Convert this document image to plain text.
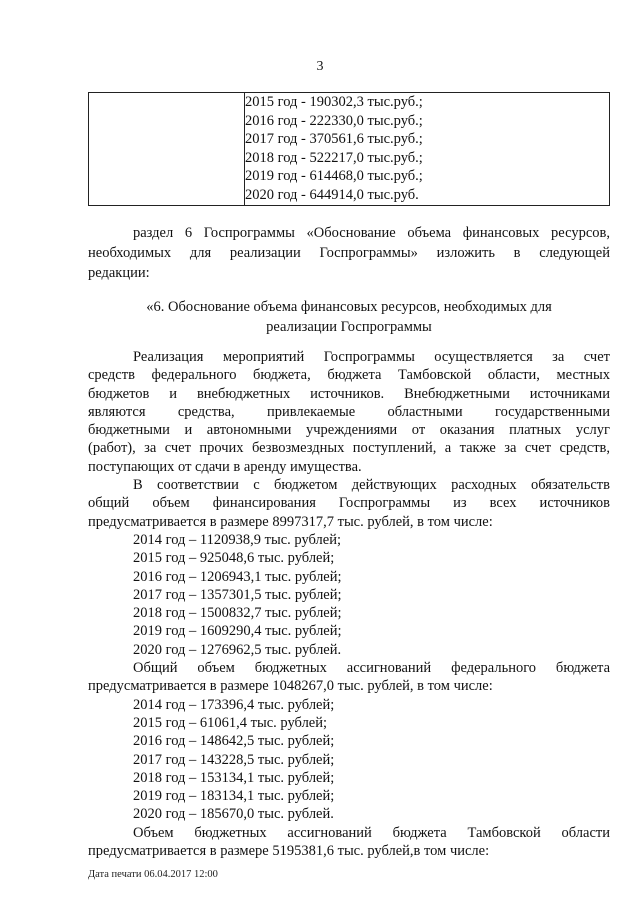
3

2015 год - 190302,3 тыс.руб.;
2016 год - 222330,0 тыс.руб.;
2017 год - 370561,6 тыс.руб.;
2018 год - 522217,0 тыс.руб.;
2019 год - 614468,0 тыс.руб.;
2020 год - 644914,0 тыс.руб.
раздел 6 Госпрограммы «Обоснование объема финансовых ресурсов,
необходимых для реализации Госпрограммы» изложить в следующей
редакции:
«6. Обоснование объема финансовых ресурсов, необходимых для
реализации Госпрограммы
Реализация мероприятий Госпрограммы осуществляется за счет
средств федерального бюджета, бюджета Тамбовской области, местных
бюджетов и внебюджетных источников. Внебюджетными источниками
являются средства, привлекаемые областными государственными
бюджетными и автономными учреждениями от оказания платных услуг
(работ), за счет прочих безвозмездных поступлений, а также за счет средств,
поступающих от сдачи в аренду имущества.
В соответствии с бюджетом действующих расходных обязательств
общий объем финансирования Госпрограммы из всех источников
предусматривается в размере 8997317,7 тыс. рублей, в том числе:
2014 год – 1120938,9 тыс. рублей;
2015 год – 925048,6 тыс. рублей;
2016 год – 1206943,1 тыс. рублей;
2017 год – 1357301,5 тыс. рублей;
2018 год – 1500832,7 тыс. рублей;
2019 год – 1609290,4 тыс. рублей;
2020 год – 1276962,5 тыс. рублей.
Общий объем бюджетных ассигнований федерального бюджета
предусматривается в размере 1048267,0 тыс. рублей, в том числе:
2014 год – 173396,4 тыс. рублей;
2015 год – 61061,4 тыс. рублей;
2016 год – 148642,5 тыс. рублей;
2017 год – 143228,5 тыс. рублей;
2018 год – 153134,1 тыс. рублей;
2019 год – 183134,1 тыс. рублей;
2020 год – 185670,0 тыс. рублей.
Объем бюджетных ассигнований бюджета Тамбовской области
предусматривается в размере 5195381,6 тыс. рублей,в том числе:
Дата печати 06.04.2017 12:00
